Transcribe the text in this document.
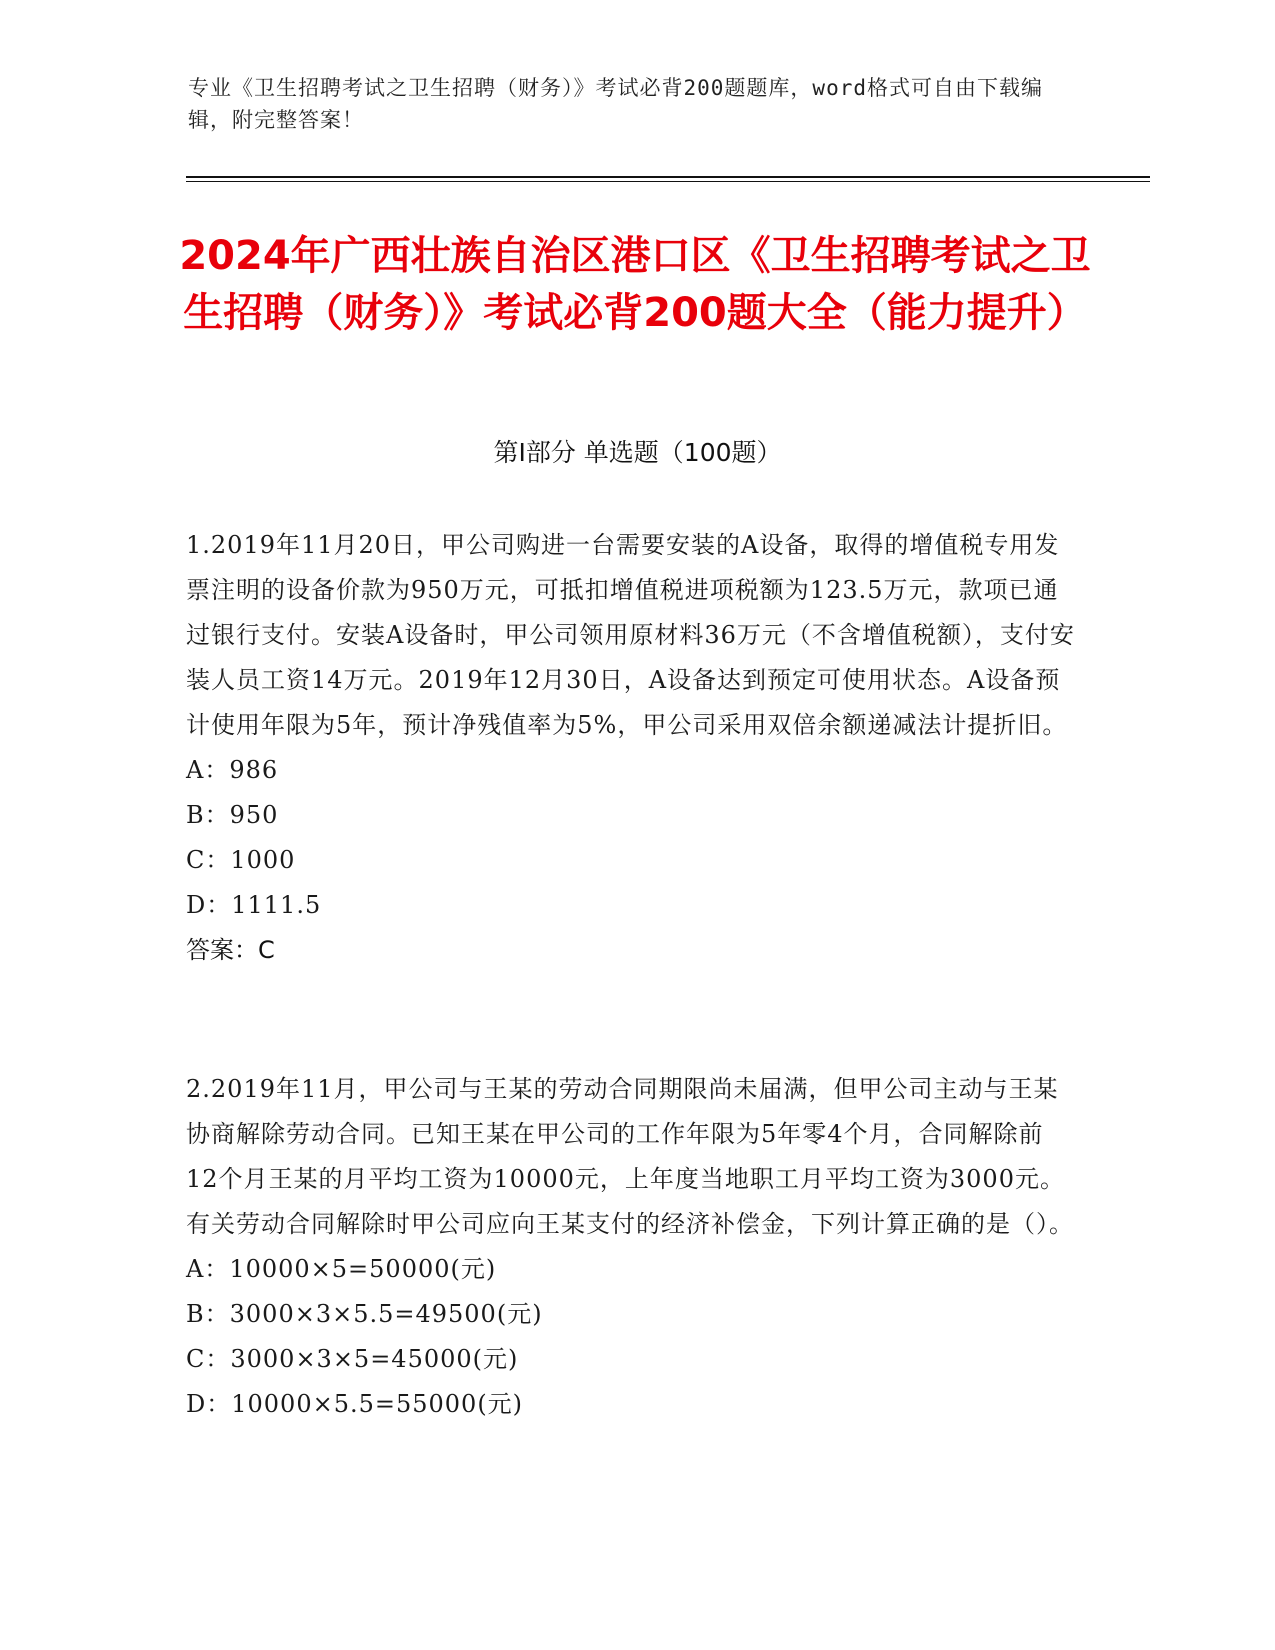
专业《卫生招聘考试之卫生招聘（财务）》考试必背200题题库，word格式可自由下载编辑，附完整答案！
2024年广西壮族自治区港口区《卫生招聘考试之卫生招聘（财务）》考试必背200题大全（能力提升）
第Ⅰ部分 单选题（100题）
1.2019年11月20日，甲公司购进一台需要安装的A设备，取得的增值税专用发票注明的设备价款为950万元，可抵扣增值税进项税额为123.5万元，款项已通过银行支付。安装A设备时，甲公司领用原材料36万元（不含增值税额），支付安装人员工资14万元。2019年12月30日，A设备达到预定可使用状态。A设备预计使用年限为5年，预计净残值率为5%，甲公司采用双倍余额递减法计提折旧。
A：986
B：950
C：1000
D：1111.5
答案：C
2.2019年11月，甲公司与王某的劳动合同期限尚未届满，但甲公司主动与王某协商解除劳动合同。已知王某在甲公司的工作年限为5年零4个月，合同解除前12个月王某的月平均工资为10000元，上年度当地职工月平均工资为3000元。有关劳动合同解除时甲公司应向王某支付的经济补偿金，下列计算正确的是（）。
A：10000×5=50000(元)
B：3000×3×5.5=49500(元)
C：3000×3×5=45000(元)
D：10000×5.5=55000(元)
